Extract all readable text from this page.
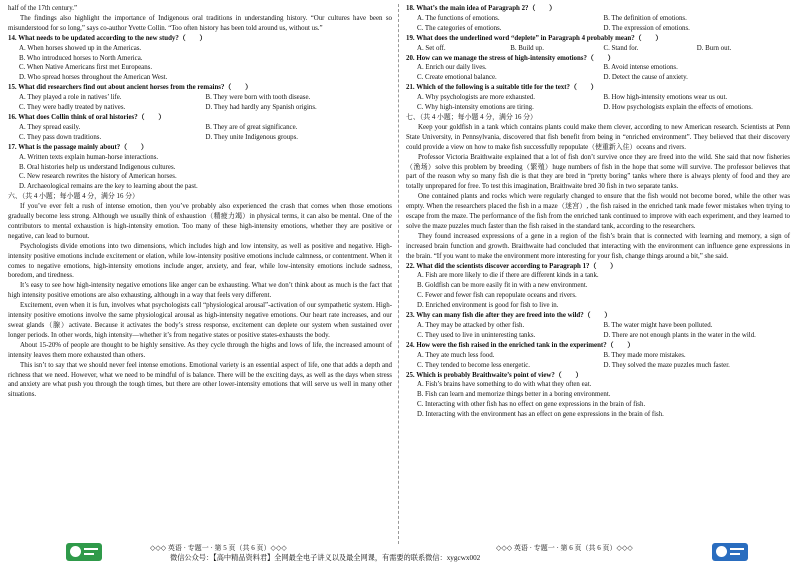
half of the 17th century.”

The findings also highlight the importance of Indigenous oral traditions in understanding history. “Our cultures have been so misunderstood for so long,” says co-author Yvette Collin. “Too often history has been told around us, without us.”

14. What needs to be updated according to the new study?（　　）

A. When horses showed up in the Americas.

B. Who introduced horses to North America.

C. When Native Americans first met Europeans.

D. Who spread horses throughout the American West.

15. What did researchers find out about ancient horses from the remains?（　　）

A. They played a role in natives’ life.	B. They were born with tooth disease.
C. They were badly treated by natives.	D. They had hardly any Spanish origins.

16. What does Collin think of oral histories?（　　）

A. They spread easily.	B. They are of great significance.
C. They pass down traditions.	D. They unite Indigenous groups.

17. What is the passage mainly about?（　　）

A. Written texts explain human-horse interactions.

B. Oral histories help us understand Indigenous cultures.

C. New research rewrites the history of American horses.

D. Archaeological remains are the key to learning about the past.

六、（共 4 小题；每小题 4 分，满分 16 分）

If you’ve ever felt a rush of intense emotion, then you’ve probably also experienced the crash that comes when those emotions gradually become less strong. Although we usually think of exhaustion（精疲力竭）in physical terms, it can also be mental. One of the contributors to mental exhaustion is high-intensity emotion. Too many of these high-intensity emotions, whether they are positive or negative, can lead to burnout.

Psychologists divide emotions into two dimensions, which includes high and low intensity, as well as positive and negative. High-intensity positive emotions include excitement or elation, while low-intensity positive emotions include calmness, or contentment. When it comes to negative emotions, high-intensity emotions include anger, anxiety, and fear, while low-intensity emotions include sadness, boredom, and tiredness.

It’s easy to see how high-intensity negative emotions like anger can be exhausting. What we don’t think about as much is the fact that high intensity positive emotions are also exhausting, although in a way that feels very different.

Excitement, even when it is fun, involves what psychologists call “physiological arousal”-activation of our sympathetic system. High-intensity positive emotions involve the same physiological arousal as high-intensity negative emotions. Our heart rate increases, and our sweat glands（腺）activate. Because it activates the body’s stress response, excitement can deplete our system when sustained over longer periods. In other words, high intensity—whether it’s from negative states or positive states-exhausts the body.

About 15-20% of people are thought to be highly sensitive. As they cycle through the highs and lows of life, the increased amount of intensity leaves them more exhausted than others.

This isn’t to say that we should never feel intense emotions. Emotional variety is an essential aspect of life, one that adds a depth and richness that we need. However, what we need to be mindful of is balance. There will be the exciting days, as well as the days when stress and anxiety are what push you through the tough times, but there are other lower-intensity emotions that will serve us well in many other situations.

18. What’s the main idea of Paragraph 2?（　　）

A. The functions of emotions.	B. The definition of emotions.
C. The categories of emotions.	D. The expression of emotions.

19. What does the underlined word “deplete” in Paragraph 4 probably mean?（　　）

A. Set off.	B. Build up.	C. Stand for.	D. Burn out.

20. How can we manage the stress of high-intensity emotions?（　　）

A. Enrich our daily lives.	B. Avoid intense emotions.
C. Create emotional balance.	D. Detect the cause of anxiety.

21. Which of the following is a suitable title for the text?（　　）

A. Why psychologists are more exhausted.	B. How high-intensity emotions wear us out.
C. Why high-intensity emotions are tiring.	D. How psychologists explain the effects of emotions.

七、（共 4 小题；每小题 4 分，满分 16 分）

Keep your goldfish in a tank which contains plants could make them clever, according to new American research. Scientists at Penn State University, in Pennsylvania, discovered that fish benefit from being in “enriched environment”. They believed that their discovery could provide a view on how to make fish successfully repopulate（使重新入住）oceans and rivers.

Professor Victoria Braithwaite explained that a lot of fish don’t survive once they are freed into the wild. She said that now fisheries（渔场）solve this problem by breeding（繁殖）huge numbers of fish in the hope that some will survive. The professor believes that part of the reason why so many fish die is that they are bred in “pretty boring” tanks where there is always plenty of food and they are totally unprepared for free. To test this imagination, Braithwaite bred 30 fish in two separate tanks.

One contained plants and rocks which were regularly changed to ensure that the fish would not become bored, while the other was empty. When the researchers placed the fish in a maze（迷宫）, the fish raised in the enriched tank made fewer mistakes when trying to escape from the maze. The performance of the fish from the enriched tank continued to improve with each experiment, and they learned to solve the maze puzzles much faster than the fish raised in the standard tank, according to the researchers.

They found increased expressions of a gene in a region of the fish’s brain that is connected with learning and memory, a sign of increased brain function and growth. Braithwaite had concluded that interacting with the environment can influence gene expressions in the brain. “If you want to make the environment more interesting for your fish, change things around a bit,” she said.

22. What did the scientists discover according to Paragraph 1?（　　）

A. Fish are more likely to die if there are different kinds in a tank.

B. Goldfish can be more easily fit in with a new environment.

C. Fewer and fewer fish can repopulate oceans and rivers.

D. Enriched environment is good for fish to live in.

23. Why can many fish die after they are freed into the wild?（　　）

A. They may be attacked by other fish.	B. The water might have been polluted.
C. They used to live in uninteresting tanks.	D. There are not enough plants in the water in the wild.

24. How were the fish raised in the enriched tank in the experiment?（　　）

A. They ate much less food.	B. They made more mistakes.
C. They tended to become less energetic.	D. They solved the maze puzzles much faster.

25. Which is probably Braithwaite’s point of view?（　　）

A. Fish’s brains have something to do with what they often eat.

B. Fish can learn and memorize things better in a boring environment.

C. Interacting with other fish has no effect on gene expressions in the brain of fish.

D. Interacting with the environment has an effect on gene expressions in the brain of fish.

◇◇◇ 英语 · 专题一 · 第 5 页（共 6 页）◇◇◇	◇◇◇ 英语 · 专题一 · 第 6 页（共 6 页）◇◇◇
微信公众号：【高中精品资料君】全网最全电子讲义以及最全网课，有需要的联系微信：xygcwx002
